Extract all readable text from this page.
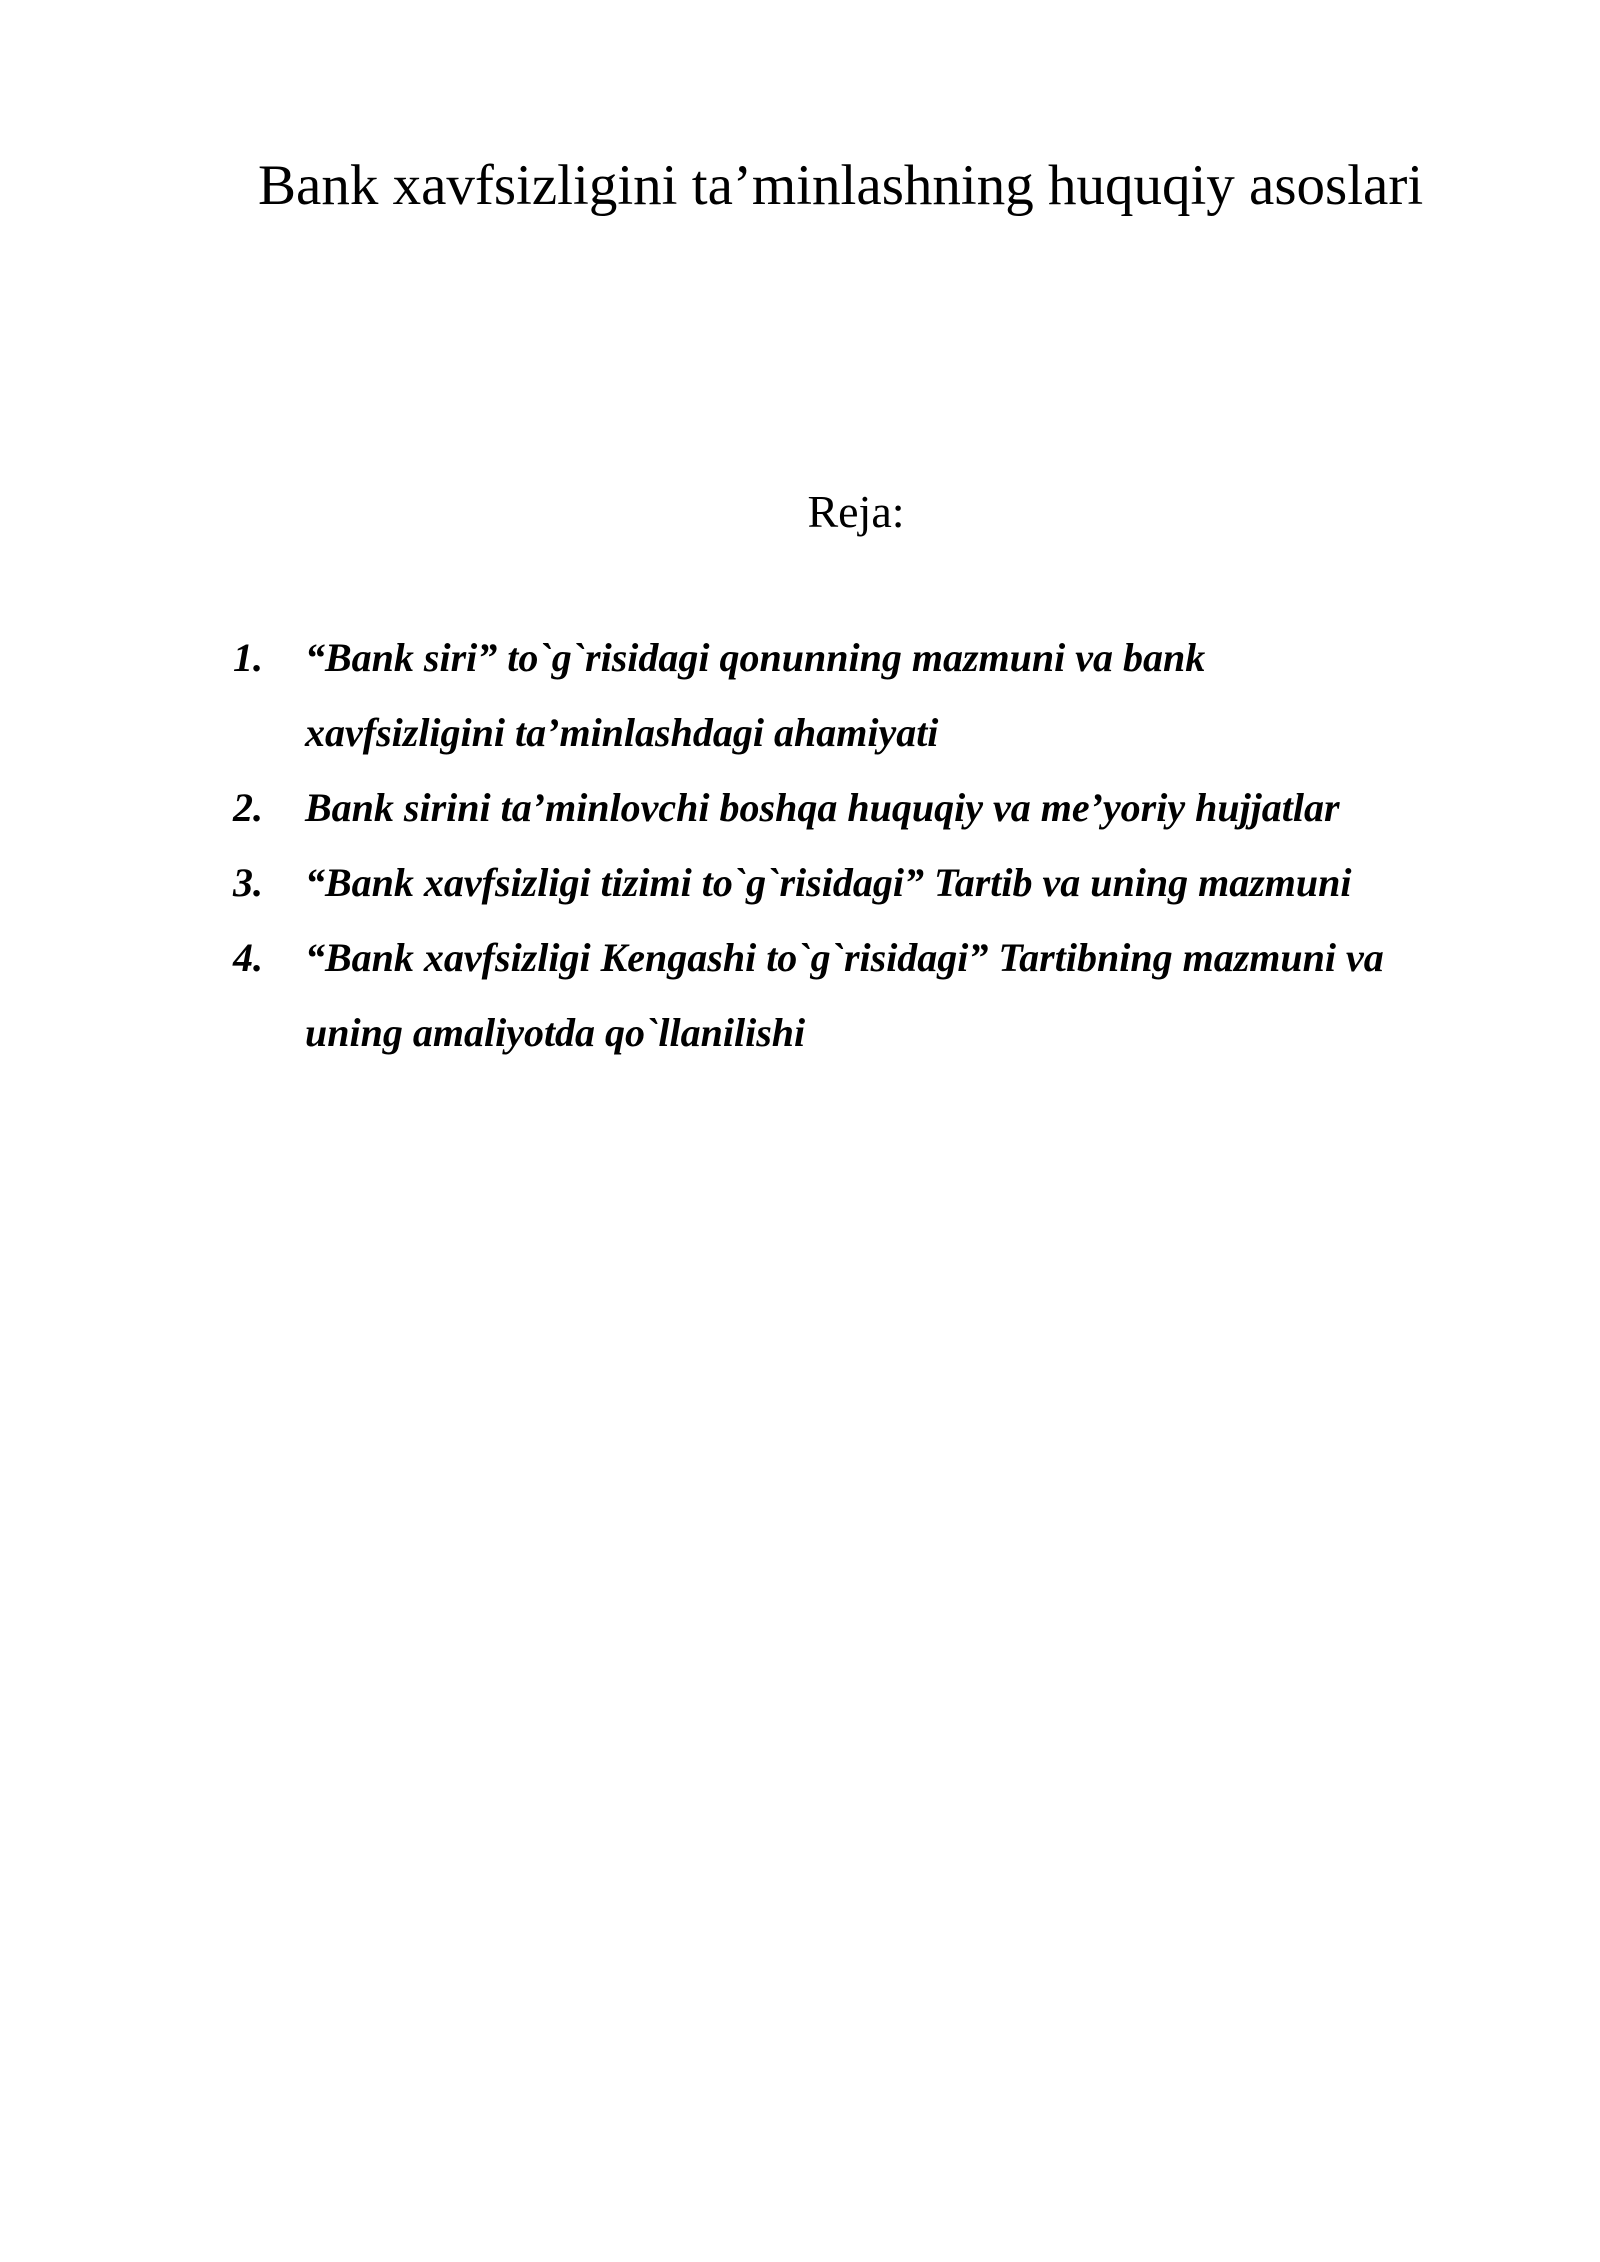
Bank xavfsizligini ta’minlashning huquqiy asoslari
Reja:
1. “Bank siri” to`g`risidagi qonunning mazmuni va bank
xavfsizligini ta’minlashdagi ahamiyati
2. Bank sirini ta’minlovchi boshqa huquqiy va me’yoriy hujjatlar
3. “Bank xavfsizligi tizimi to`g`risidagi” Tartib va uning mazmuni
4. “Bank xavfsizligi Kengashi to`g`risidagi” Tartibning mazmuni va
uning amaliyotda qo`llanilishi
